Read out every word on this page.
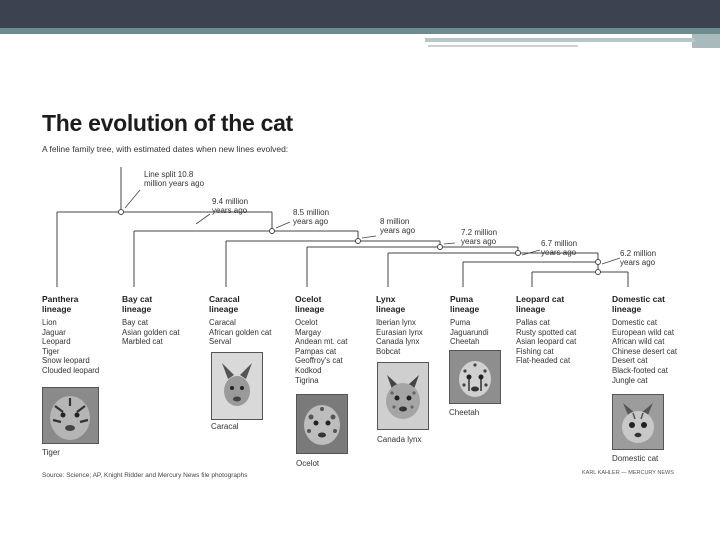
The evolution of the cat
A feline family tree, with estimated dates when new lines evolved:
Line split 10.8
million years ago
9.4 million
years ago	8.5 million
years ago	8 million
years ago	7.2 million
years ago	6.7 million
years ago	6.2 million
years ago
Panthera
lineage
Lion
Jaguar
Leopard
Tiger
Snow leopard
Clouded leopard
Bay cat
lineage
Bay cat
Asian golden cat
Marbled cat
Caracal
lineage
Caracal
African golden cat
Serval
Ocelot
lineage
Ocelot
Margay
Andean mt. cat
Pampas cat
Geoffroy's cat
Kodkod
Tigrina
Lynx
lineage
Iberian lynx
Eurasian lynx
Canada lynx
Bobcat
Puma
lineage
Puma
Jaguarundi
Cheetah
Leopard cat
lineage
Pallas cat
Rusty spotted cat
Asian leopard cat
Fishing cat
Flat-headed cat
Domestic cat
lineage
Domestic cat
European wild cat
African wild cat
Chinese desert cat
Desert cat
Black-footed cat
Jungle cat
Tiger
Caracal
Ocelot
Canada lynx
Cheetah
Domestic cat
Source: Science; AP, Knight Ridder and Mercury News file photographs	KARL KAHLER — MERCURY NEWS
